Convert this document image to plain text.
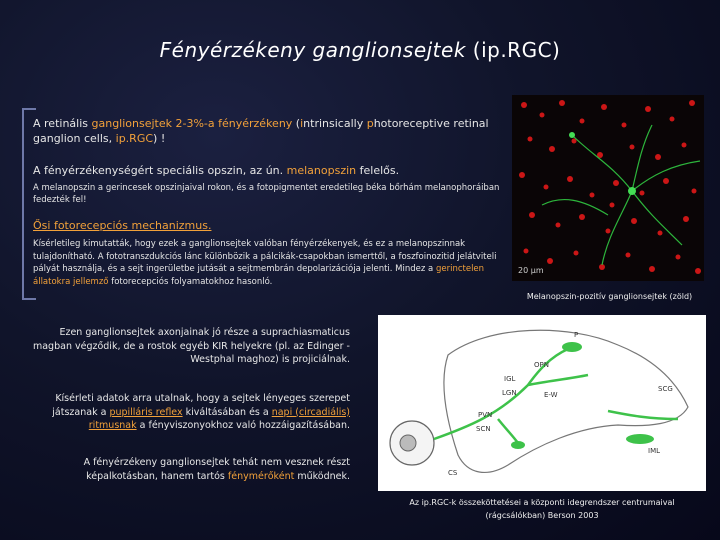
Fényérzékeny ganglionsejtek (ip.RGC)
A retinális ganglionsejtek 2-3%-a fényérzékeny (intrinsically photoreceptive retinal ganglion cells, ip.RGC) !
A fényérzékenységért speciális opszin, az ún. melanopszin felelős.
A melanopszin a gerincesek opszinjaival rokon, és a fotopigmentet eredetileg béka bőrhám melanophoráiban fedezték fel!
Ősi fotorecepciós mechanizmus.
Kísérletileg kimutatták, hogy ezek a ganglionsejtek valóban fényérzékenyek, és ez a melanopszinnak tulajdonítható. A fototranszdukciós lánc különbözik a pálcikák-csapokban ismerttől, a foszfoinozitid jelátviteli pályát használja, és a sejt ingerületbe jutását a sejtmembrán depolarizációja jelenti. Mindez a gerinctelen állatokra jellemző fotorecepciós folyamatokhoz hasonló.
20 µm
Melanopszin-pozitív ganglionsejtek (zöld)
Ezen ganglionsejtek axonjainak jó része a suprachiasmaticus magban végződik, de a rostok egyéb KIR helyekre (pl. az Edinger -Westphal maghoz) is projiciálnak.
Kísérleti adatok arra utalnak, hogy a sejtek lényeges szerepet játszanak a pupilláris reflex kiváltásában és a napi (circadiális) ritmusnak a fényviszonyokhoz való hozzáigazításában.
A fényérzékeny ganglionsejtek tehát nem vesznek részt képalkotásban, hanem tartós fénymérőként működnek.
P
OPN
IGL
E-W
LGN
PVN
SCN
SCG
IML
CS
Az ip.RGC-k összeköttetései a központi idegrendszer centrumaival
(rágcsálókban) Berson 2003
